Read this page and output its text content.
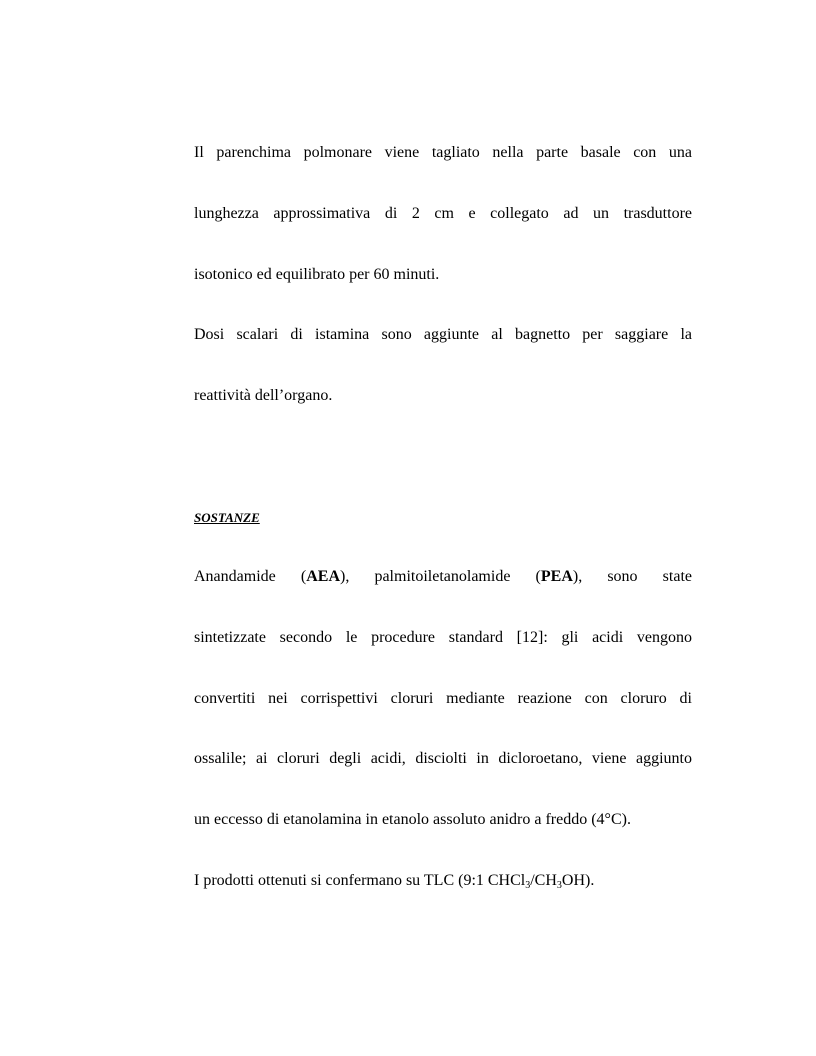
Il parenchima polmonare viene tagliato nella parte basale con una
lunghezza approssimativa di 2 cm e collegato ad un trasduttore
isotonico ed equilibrato per 60 minuti.
Dosi scalari di istamina sono aggiunte al bagnetto per saggiare la
reattività dell’organo.
SOSTANZE
Anandamide (AEA), palmitoiletanolamide (PEA), sono state
sintetizzate secondo le procedure standard [12]: gli acidi vengono
convertiti nei corrispettivi cloruri mediante reazione con cloruro di
ossalile; ai cloruri degli acidi, disciolti in dicloroetano, viene aggiunto
un eccesso di etanolamina in etanolo assoluto anidro a freddo (4°C).
I prodotti ottenuti si confermano su TLC (9:1 $CHCl_3/CH_3OH$).
